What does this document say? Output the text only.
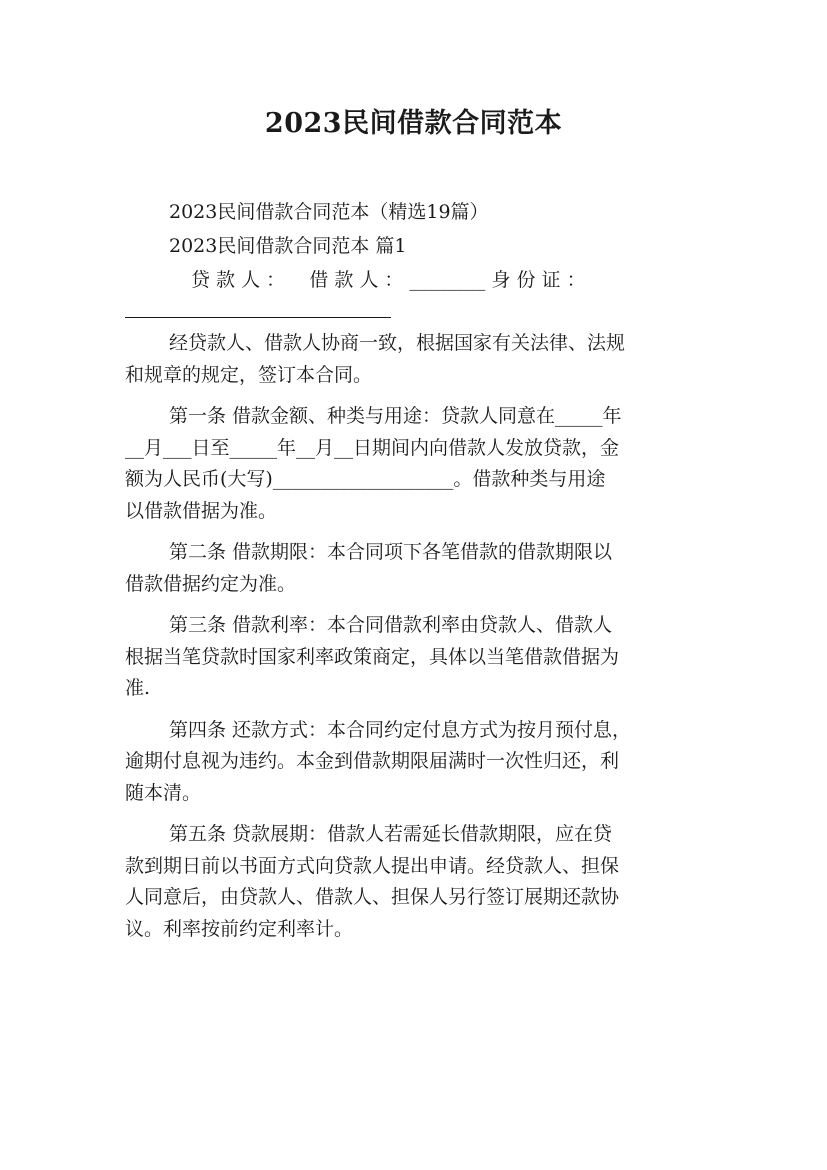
2023民间借款合同范本
2023民间借款合同范本（精选19篇）
2023民间借款合同范本 篇1
贷 款 人 ：    借 款 人 ： ________ 身 份 证 ：
经贷款人、借款人协商一致，根据国家有关法律、法规
和规章的规定，签订本合同。
第一条 借款金额、种类与用途：贷款人同意在_____年
__月___日至_____年__月__日期间内向借款人发放贷款，金
额为人民币(大写)___________________。借款种类与用途
以借款借据为准。
第二条 借款期限：本合同项下各笔借款的借款期限以
借款借据约定为准。
第三条 借款利率：本合同借款利率由贷款人、借款人
根据当笔贷款时国家利率政策商定，具体以当笔借款借据为
准.
第四条 还款方式：本合同约定付息方式为按月预付息，
逾期付息视为违约。本金到借款期限届满时一次性归还，利
随本清。
第五条 贷款展期：借款人若需延长借款期限，应在贷
款到期日前以书面方式向贷款人提出申请。经贷款人、担保
人同意后，由贷款人、借款人、担保人另行签订展期还款协
议。利率按前约定利率计。
